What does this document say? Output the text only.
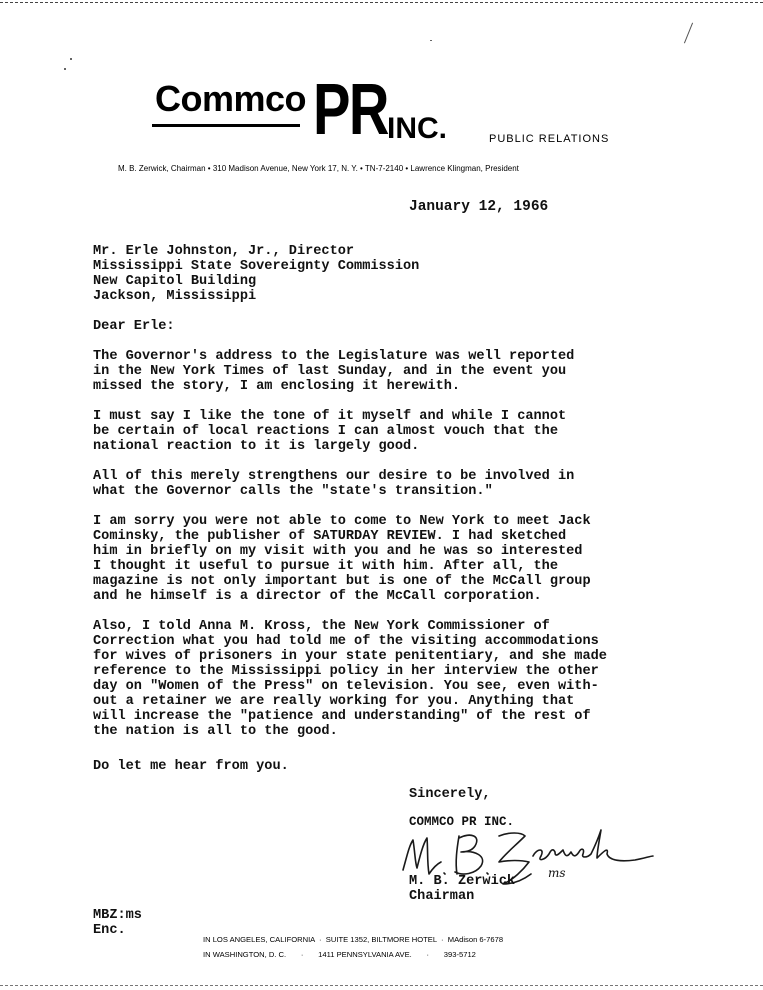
Commco PR INC.	PUBLIC RELATIONS
M. B. Zerwick, Chairman • 310 Madison Avenue, New York 17, N. Y. • TN-7-2140 • Lawrence Klingman, President
January 12, 1966
Mr. Erle Johnston, Jr., Director
Mississippi State Sovereignty Commission
New Capitol Building
Jackson, Mississippi
Dear Erle:
The Governor's address to the Legislature was well reported
in the New York Times of last Sunday, and in the event you
missed the story, I am enclosing it herewith.
I must say I like the tone of it myself and while I cannot
be certain of local reactions I can almost vouch that the
national reaction to it is largely good.
All of this merely strengthens our desire to be involved in
what the Governor calls the "state's transition."
I am sorry you were not able to come to New York to meet Jack
Cominsky, the publisher of SATURDAY REVIEW. I had sketched
him in briefly on my visit with you and he was so interested
I thought it useful to pursue it with him. After all, the
magazine is not only important but is one of the McCall group
and he himself is a director of the McCall corporation.
Also, I told Anna M. Kross, the New York Commissioner of
Correction what you had told me of the visiting accommodations
for wives of prisoners in your state penitentiary, and she made
reference to the Mississippi policy in her interview the other
day on "Women of the Press" on television. You see, even with-
out a retainer we are really working for you. Anything that
will increase the "patience and understanding" of the rest of
the nation is all to the good.
Do let me hear from you.
Sincerely,
COMMCO PR INC.
M. B. Zerwick
Chairman
ms
MBZ:ms
Enc.
IN LOS ANGELES, CALIFORNIA  ·  SUITE 1352, BILTMORE HOTEL  ·  MAdison 6-7678
IN WASHINGTON, D. C.       ·       1411 PENNSYLVANIA AVE.       ·       393-5712
